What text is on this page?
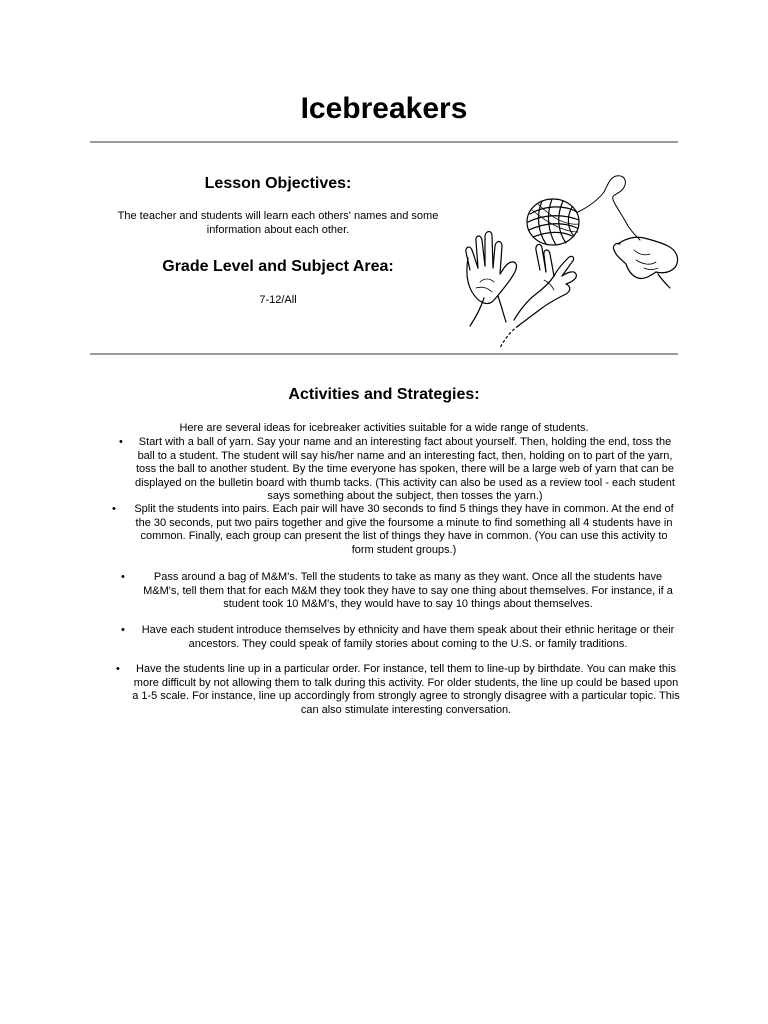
Icebreakers

Lesson Objectives:

The teacher and students will learn each others' names and some information about each other.

Grade Level and Subject Area:

7-12/All

Activities and Strategies:

Here are several ideas for icebreaker activities suitable for a wide range of students.

• Start with a ball of yarn. Say your name and an interesting fact about yourself. Then, holding the end, toss the ball to a student. The student will say his/her name and an interesting fact, then, holding on to part of the yarn, toss the ball to another student. By the time everyone has spoken, there will be a large web of yarn that can be displayed on the bulletin board with thumb tacks. (This activity can also be used as a review tool - each student says something about the subject, then tosses the yarn.)
• Split the students into pairs. Each pair will have 30 seconds to find 5 things they have in common. At the end of the 30 seconds, put two pairs together and give the foursome a minute to find something all 4 students have in common. Finally, each group can present the list of things they have in common. (You can use this activity to form student groups.)
•	Pass around a bag of M&M's. Tell the students to take as many as they want. Once all the students have M&M's, tell them that for each M&M they took they have to say one thing about themselves. For instance, if a student took 10 M&M's, they would have to say 10 things about themselves.
• Have each student introduce themselves by ethnicity and have them speak about their ethnic heritage or their ancestors. They could speak of family stories about coming to the U.S. or family traditions.
• Have the students line up in a particular order. For instance, tell them to line-up by birthdate. You can make this more difficult by not allowing them to talk during this activity. For older students, the line up could be based upon a 1-5 scale. For instance, line up accordingly from strongly agree to strongly disagree with a particular topic. This can also stimulate interesting conversation.
